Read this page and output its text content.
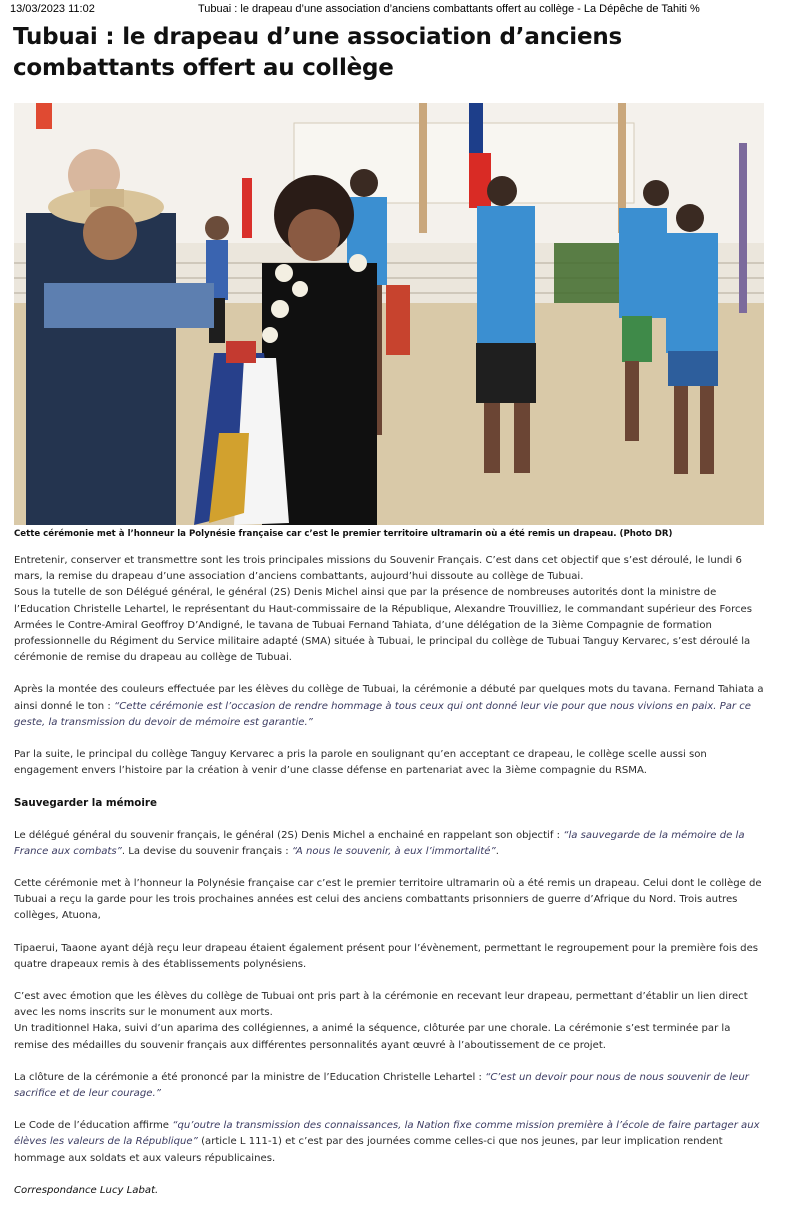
13/03/2023 11:02	Tubuai : le drapeau d’une association d’anciens combattants offert au collège - La Dépêche de Tahiti %
Tubuai : le drapeau d’une association d’anciens combattants offert au collège
Cette cérémonie met à l’honneur la Polynésie française car c’est le premier territoire ultramarin où a été remis un drapeau. (Photo DR)

Entretenir, conserver et transmettre sont les trois principales missions du Souvenir Français. C’est dans cet objectif que s’est déroulé, le lundi 6 mars, la remise du drapeau d’une association d’anciens combattants, aujourd’hui dissoute au collège de Tubuai.

Sous la tutelle de son Délégué général, le général (2S) Denis Michel ainsi que par la présence de nombreuses autorités dont la ministre de l’Education Christelle Lehartel, le représentant du Haut-commissaire de la République, Alexandre Trouvilliez, le commandant supérieur des Forces Armées le Contre-Amiral Geoffroy D’Andigné, le tavana de Tubuai Fernand Tahiata, d’une délégation de la 3ième Compagnie de formation professionnelle du Régiment du Service militaire adapté (SMA) située à Tubuai, le principal du collège de Tubuai Tanguy Kervarec, s’est déroulé la cérémonie de remise du drapeau au collège de Tubuai.

Après la montée des couleurs effectuée par les élèves du collège de Tubuai, la cérémonie a débuté par quelques mots du tavana. Fernand Tahiata a ainsi donné le ton : “Cette cérémonie est l’occasion de rendre hommage à tous ceux qui ont donné leur vie pour que nous vivions en paix. Par ce geste, la transmission du devoir de mémoire est garantie.”

Par la suite, le principal du collège Tanguy Kervarec a pris la parole en soulignant qu’en acceptant ce drapeau, le collège scelle aussi son engagement envers l’histoire par la création à venir d’une classe défense en partenariat avec la 3ième compagnie du RSMA.

Sauvegarder la mémoire

Le délégué général du souvenir français, le général (2S) Denis Michel a enchainé en rappelant son objectif : “la sauvegarde de la mémoire de la France aux combats”. La devise du souvenir français : “A nous le souvenir, à eux l’immortalité”.

Cette cérémonie met à l’honneur la Polynésie française car c’est le premier territoire ultramarin où a été remis un drapeau. Celui dont le collège de Tubuai a reçu la garde pour les trois prochaines années est celui des anciens combattants prisonniers de guerre d’Afrique du Nord. Trois autres collèges, Atuona,

Tipaerui, Taaone ayant déjà reçu leur drapeau étaient également présent pour l’évènement, permettant le regroupement pour la première fois des quatre drapeaux remis à des établissements polynésiens.

C’est avec émotion que les élèves du collège de Tubuai ont pris part à la cérémonie en recevant leur drapeau, permettant d’établir un lien direct avec les noms inscrits sur le monument aux morts.

Un traditionnel Haka, suivi d’un aparima des collégiennes, a animé la séquence, clôturée par une chorale. La cérémonie s’est terminée par la remise des médailles du souvenir français aux différentes personnalités ayant œuvré à l’aboutissement de ce projet.

La clôture de la cérémonie a été prononcé par la ministre de l’Education Christelle Lehartel : “C’est un devoir pour nous de nous souvenir de leur sacrifice et de leur courage.”

Le Code de l’éducation affirme “qu’outre la transmission des connaissances, la Nation fixe comme mission première à l’école de faire partager aux élèves les valeurs de la République” (article L 111-1) et c’est par des journées comme celles-ci que nos jeunes, par leur implication rendent hommage aux soldats et aux valeurs républicaines.

Correspondance Lucy Labat.
